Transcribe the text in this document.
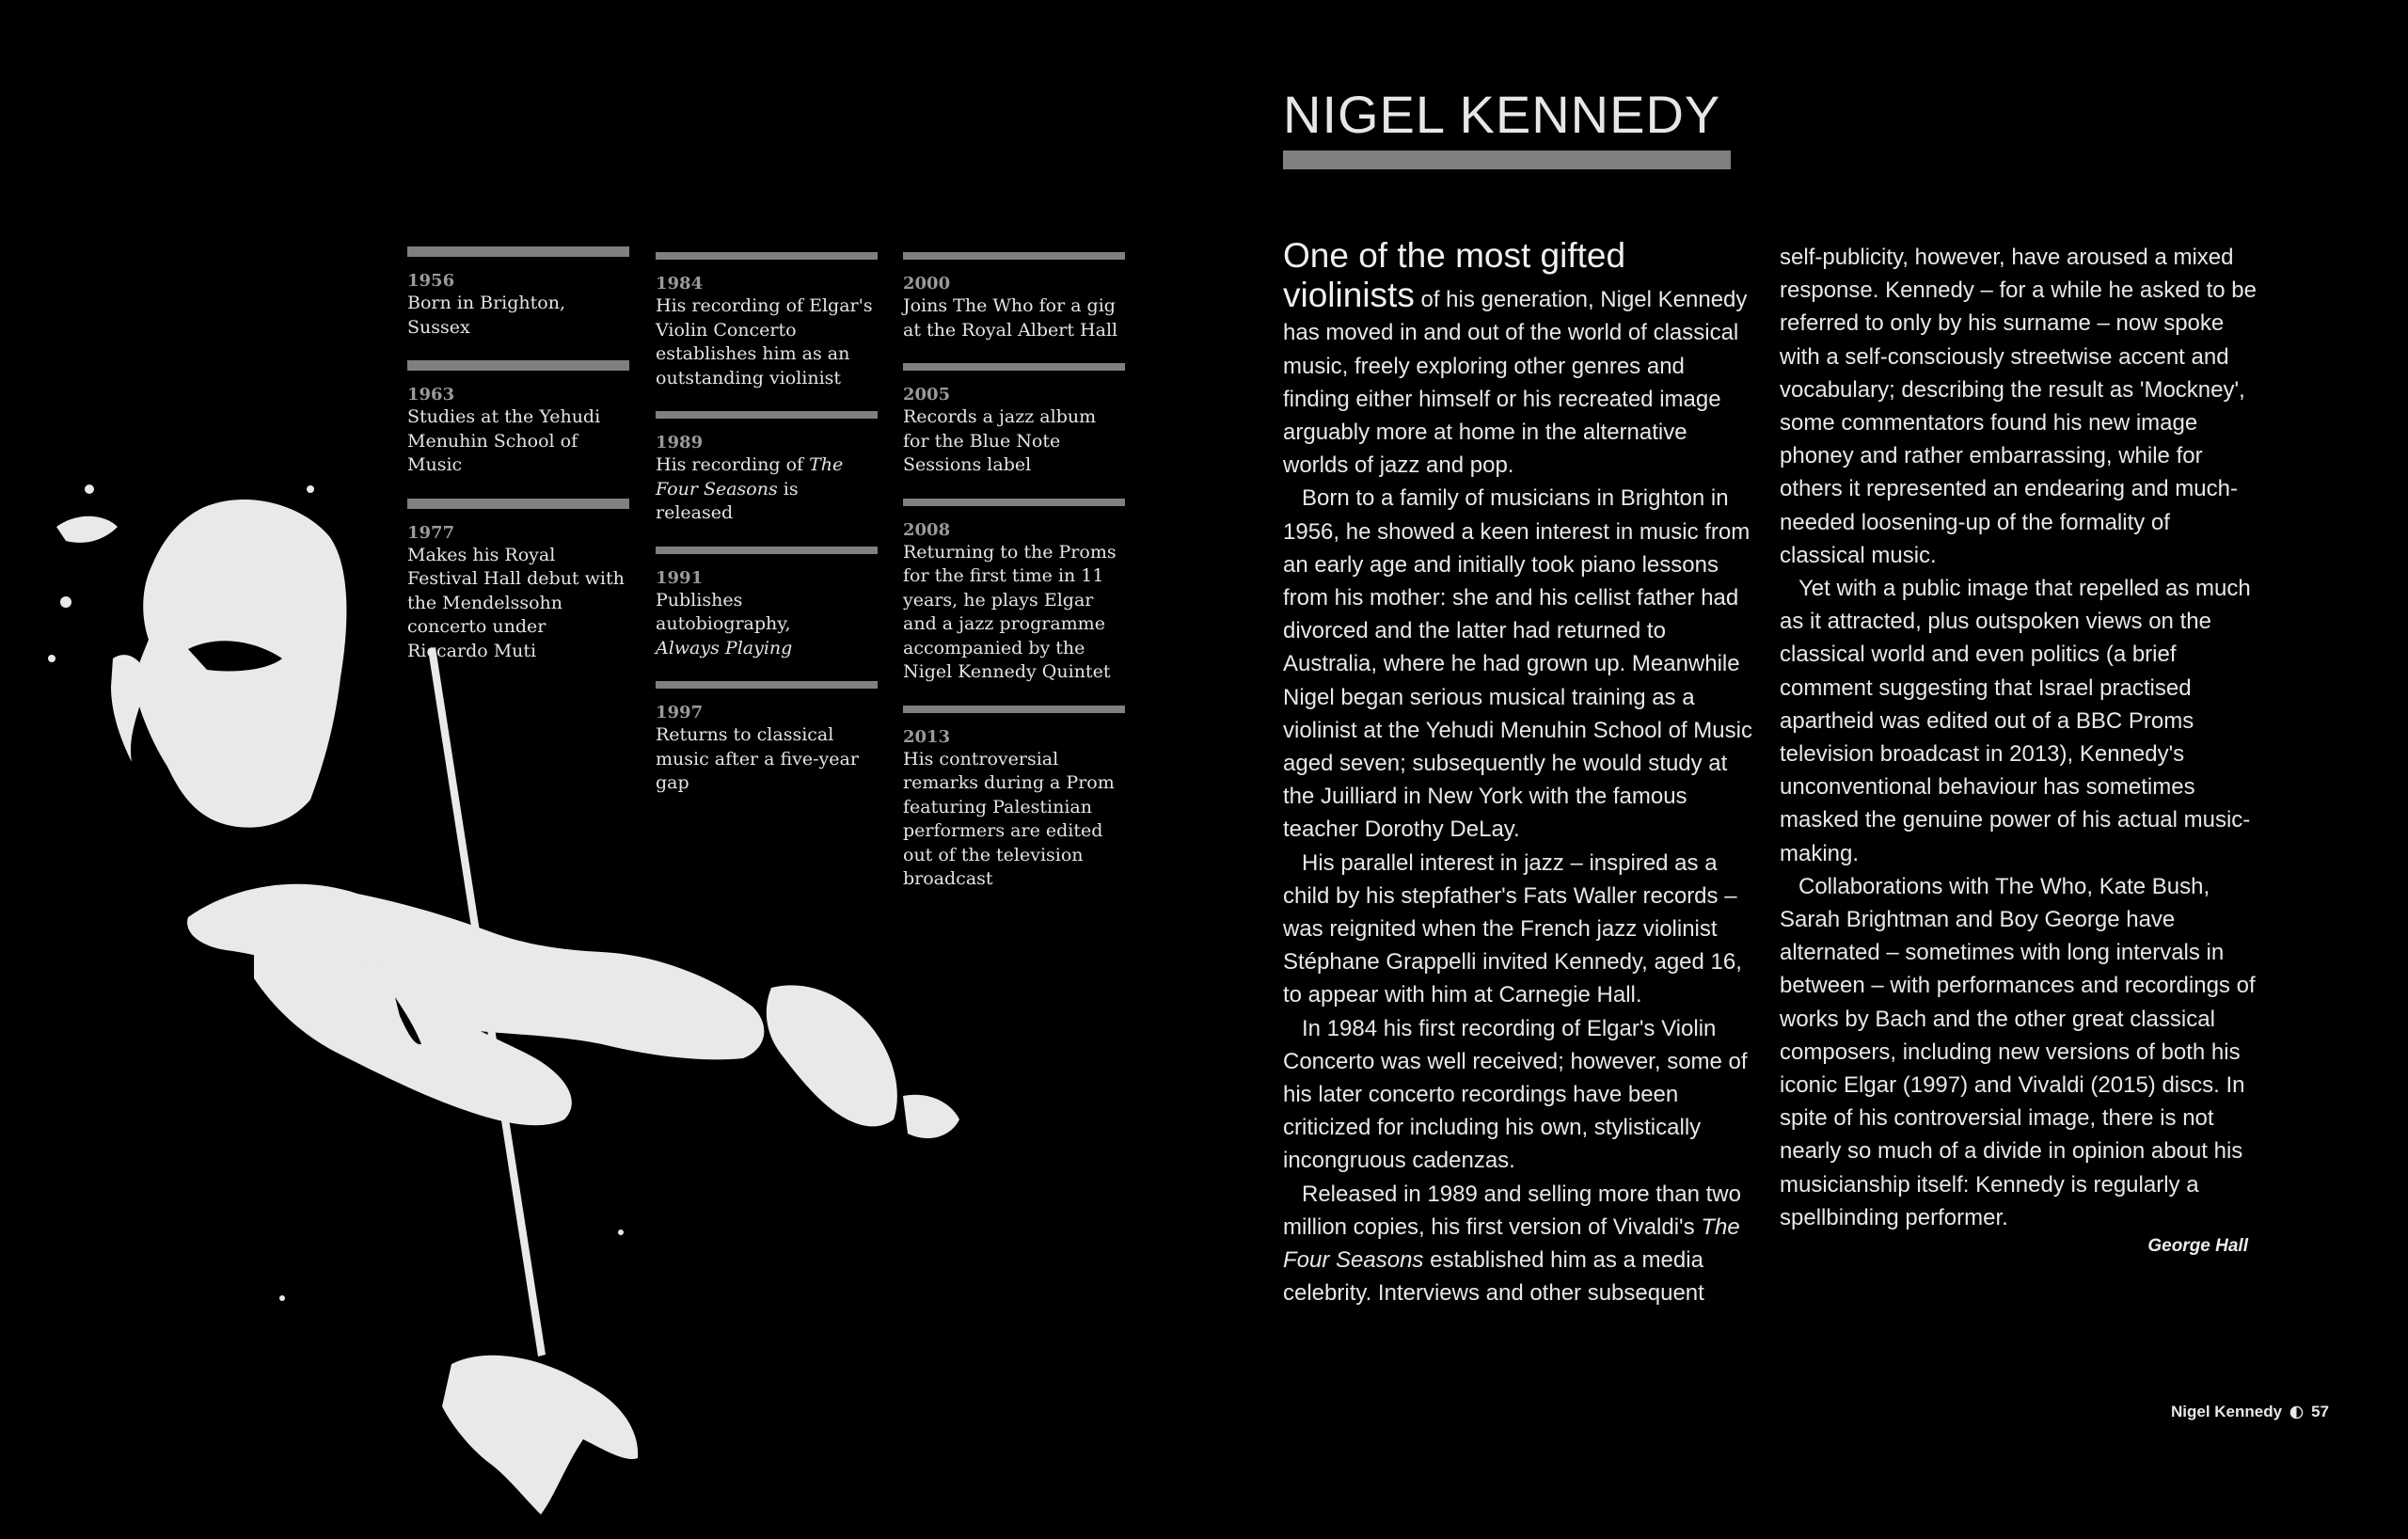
1956
Born in Brighton, Sussex
1963
Studies at the Yehudi Menuhin School of Music
1977
Makes his Royal Festival Hall debut with the Mendelssohn concerto under Riccardo Muti
1984
His recording of Elgar's Violin Concerto establishes him as an outstanding violinist
1989
His recording of The Four Seasons is released
1991
Publishes autobiography,
Always Playing
1997
Returns to classical music after a five-year gap
2000
Joins The Who for a gig at the Royal Albert Hall
2005
Records a jazz album for the Blue Note Sessions label
2008
Returning to the Proms for the first time in 11 years, he plays Elgar and a jazz programme accompanied by the Nigel Kennedy Quintet
2013
His controversial remarks during a Prom featuring Palestinian performers are edited out of the television broadcast
NIGEL KENNEDY

One of the most gifted violinists of his generation, Nigel Kennedy has moved in and out of the world of classical music, freely exploring other genres and finding either himself or his recreated image arguably more at home in the alternative worlds of jazz and pop.

Born to a family of musicians in Brighton in 1956, he showed a keen interest in music from an early age and initially took piano lessons from his mother: she and his cellist father had divorced and the latter had returned to Australia, where he had grown up. Meanwhile Nigel began serious musical training as a violinist at the Yehudi Menuhin School of Music aged seven; subsequently he would study at the Juilliard in New York with the famous teacher Dorothy DeLay.

His parallel interest in jazz – inspired as a child by his stepfather's Fats Waller records – was reignited when the French jazz violinist Stéphane Grappelli invited Kennedy, aged 16, to appear with him at Carnegie Hall.

In 1984 his first recording of Elgar's Violin Concerto was well received; however, some of his later concerto recordings have been criticized for including his own, stylistically incongruous cadenzas.

Released in 1989 and selling more than two million copies, his first version of Vivaldi's The Four Seasons established him as a media celebrity. Interviews and other subsequent

self-publicity, however, have aroused a mixed response. Kennedy – for a while he asked to be referred to only by his surname – now spoke with a self-consciously streetwise accent and vocabulary; describing the result as 'Mockney', some commentators found his new image phoney and rather embarrassing, while for others it represented an endearing and much-needed loosening-up of the formality of classical music.

Yet with a public image that repelled as much as it attracted, plus outspoken views on the classical world and even politics (a brief comment suggesting that Israel practised apartheid was edited out of a BBC Proms television broadcast in 2013), Kennedy's unconventional behaviour has sometimes masked the genuine power of his actual music-making.

Collaborations with The Who, Kate Bush, Sarah Brightman and Boy George have alternated – sometimes with long intervals in between – with performances and recordings of works by Bach and the other great classical composers, including new versions of both his iconic Elgar (1997) and Vivaldi (2015) discs. In spite of his controversial image, there is not nearly so much of a divide in opinion about his musicianship itself: Kennedy is regularly a spellbinding performer.

George Hall
Nigel Kennedy 57
